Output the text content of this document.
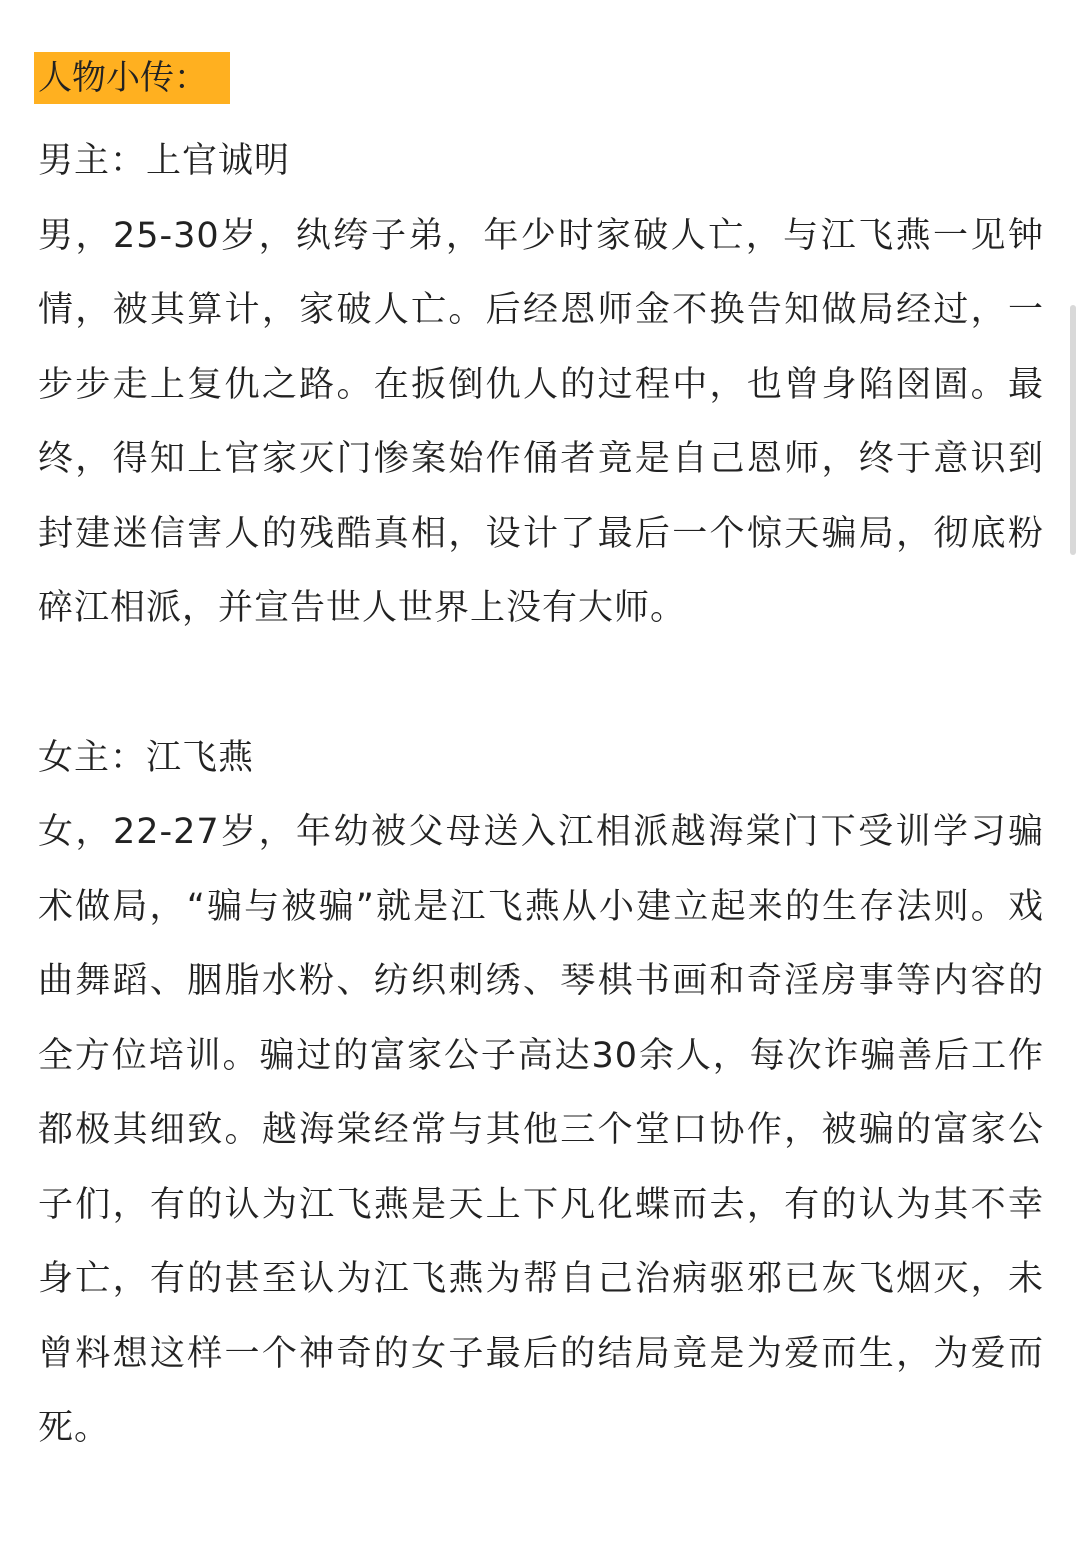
人物小传：

男主：上官诚明

男，25-30岁，纨绔子弟，年少时家破人亡，与江飞燕一见钟情，被其算计，家破人亡。后经恩师金不换告知做局经过，一步步走上复仇之路。在扳倒仇人的过程中，也曾身陷囹圄。最终，得知上官家灭门惨案始作俑者竟是自己恩师，终于意识到封建迷信害人的残酷真相，设计了最后一个惊天骗局，彻底粉碎江相派，并宣告世人世界上没有大师。

女主：江飞燕

女，22-27岁，年幼被父母送入江相派越海棠门下受训学习骗术做局，“骗与被骗”就是江飞燕从小建立起来的生存法则。戏曲舞蹈、胭脂水粉、纺织刺绣、琴棋书画和奇淫房事等内容的全方位培训。骗过的富家公子高达30余人，每次诈骗善后工作都极其细致。越海棠经常与其他三个堂口协作，被骗的富家公子们，有的认为江飞燕是天上下凡化蝶而去，有的认为其不幸身亡，有的甚至认为江飞燕为帮自己治病驱邪已灰飞烟灭，未曾料想这样一个神奇的女子最后的结局竟是为爱而生，为爱而死。
